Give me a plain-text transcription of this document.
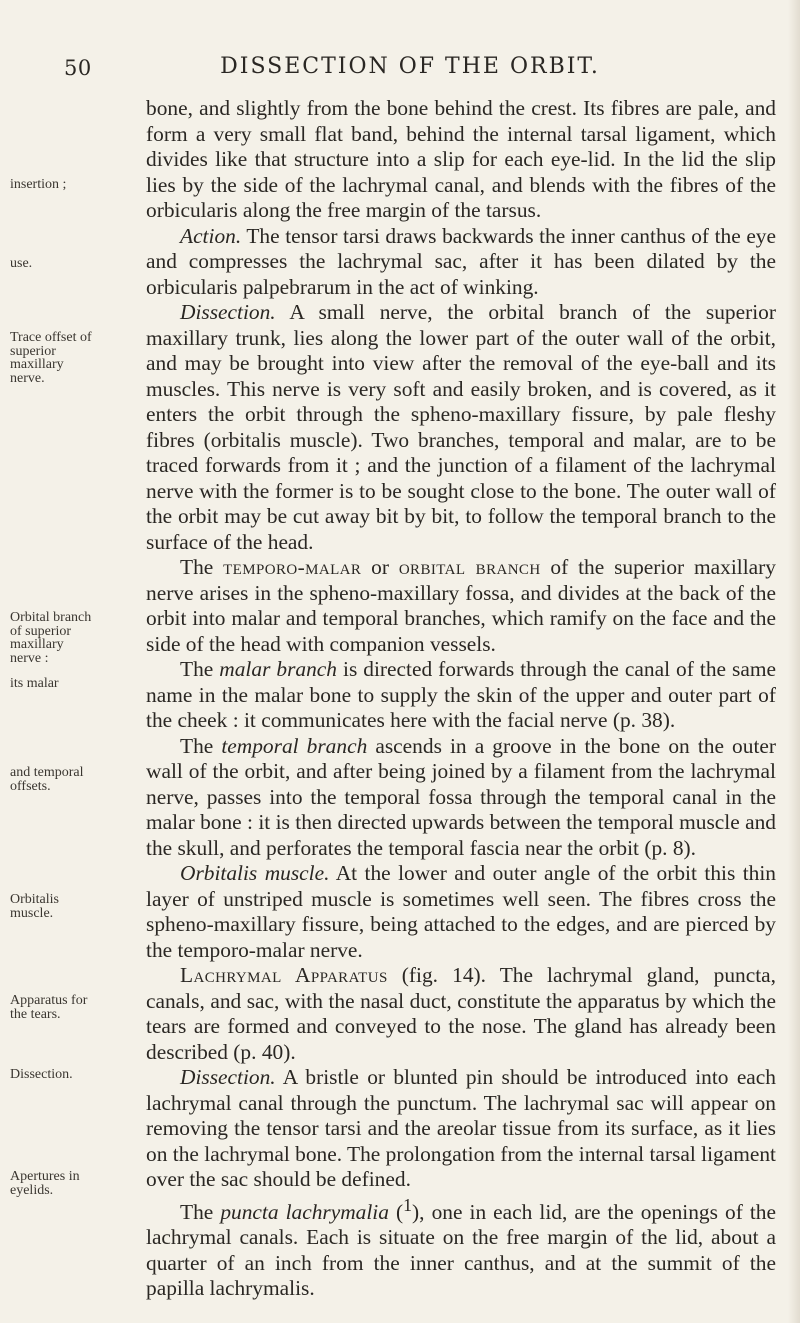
50	DISSECTION OF THE ORBIT.
insertion ;
use.
Trace offset of superior maxillary nerve.
Orbital branch of superior maxillary nerve :
its malar
and temporal offsets.
Orbitalis muscle.
Apparatus for the tears.
Dissection.
Apertures in eyelids.

bone, and slightly from the bone behind the crest. Its fibres are pale, and form a very small flat band, behind the internal tarsal ligament, which divides like that structure into a slip for each eye-lid. In the lid the slip lies by the side of the lachrymal canal, and blends with the fibres of the orbicularis along the free margin of the tarsus.

Action. The tensor tarsi draws backwards the inner canthus of the eye and compresses the lachrymal sac, after it has been dilated by the orbicularis palpebrarum in the act of winking.

Dissection. A small nerve, the orbital branch of the superior maxillary trunk, lies along the lower part of the outer wall of the orbit, and may be brought into view after the removal of the eye-ball and its muscles. This nerve is very soft and easily broken, and is covered, as it enters the orbit through the spheno-maxillary fissure, by pale fleshy fibres (orbitalis muscle). Two branches, temporal and malar, are to be traced forwards from it ; and the junction of a filament of the lachrymal nerve with the former is to be sought close to the bone. The outer wall of the orbit may be cut away bit by bit, to follow the temporal branch to the surface of the head.

The temporo-malar or orbital branch of the superior maxillary nerve arises in the spheno-maxillary fossa, and divides at the back of the orbit into malar and temporal branches, which ramify on the face and the side of the head with companion vessels.

The malar branch is directed forwards through the canal of the same name in the malar bone to supply the skin of the upper and outer part of the cheek : it communicates here with the facial nerve (p. 38).

The temporal branch ascends in a groove in the bone on the outer wall of the orbit, and after being joined by a filament from the lachrymal nerve, passes into the temporal fossa through the temporal canal in the malar bone : it is then directed upwards between the temporal muscle and the skull, and perforates the temporal fascia near the orbit (p. 8).

Orbitalis muscle. At the lower and outer angle of the orbit this thin layer of unstriped muscle is sometimes well seen. The fibres cross the spheno-maxillary fissure, being attached to the edges, and are pierced by the temporo-malar nerve.

Lachrymal Apparatus (fig. 14). The lachrymal gland, puncta, canals, and sac, with the nasal duct, constitute the apparatus by which the tears are formed and conveyed to the nose. The gland has already been described (p. 40).

Dissection. A bristle or blunted pin should be introduced into each lachrymal canal through the punctum. The lachrymal sac will appear on removing the tensor tarsi and the areolar tissue from its surface, as it lies on the lachrymal bone. The prolongation from the internal tarsal ligament over the sac should be defined.

The puncta lachrymalia ($^1$), one in each lid, are the openings of the lachrymal canals. Each is situate on the free margin of the lid, about a quarter of an inch from the inner canthus, and at the summit of the papilla lachrymalis.
